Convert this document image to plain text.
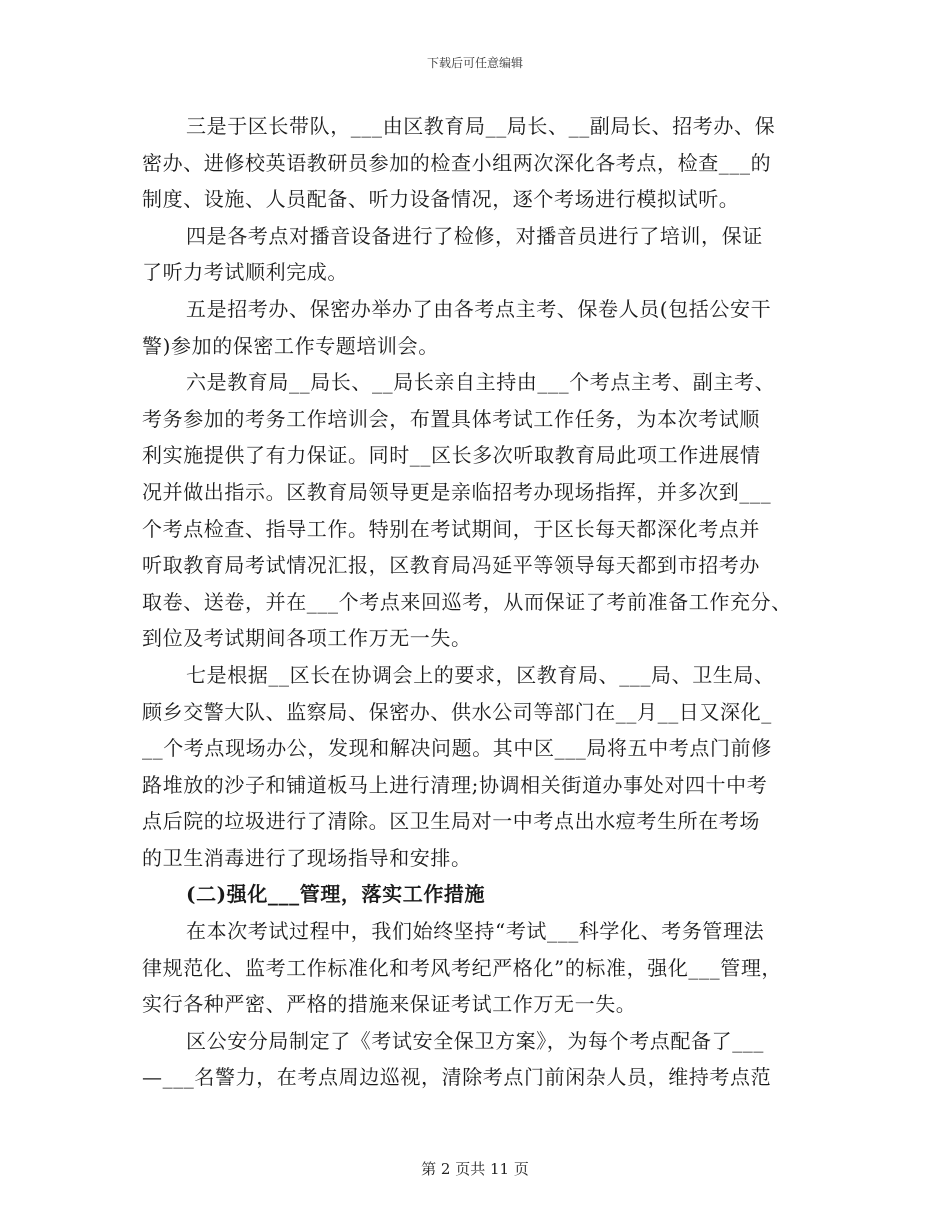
下载后可任意编辑
三是于区长带队，___由区教育局__局长、__副局长、招考办、保
密办、进修校英语教研员参加的检查小组两次深化各考点，检查___的
制度、设施、人员配备、听力设备情况，逐个考场进行模拟试听。
四是各考点对播音设备进行了检修，对播音员进行了培训，保证
了听力考试顺利完成。
五是招考办、保密办举办了由各考点主考、保卷人员(包括公安干
警)参加的保密工作专题培训会。
六是教育局__局长、__局长亲自主持由___个考点主考、副主考、
考务参加的考务工作培训会，布置具体考试工作任务，为本次考试顺
利实施提供了有力保证。同时__区长多次听取教育局此项工作进展情
况并做出指示。区教育局领导更是亲临招考办现场指挥，并多次到___
个考点检查、指导工作。特别在考试期间，于区长每天都深化考点并
听取教育局考试情况汇报，区教育局冯延平等领导每天都到市招考办
取卷、送卷，并在___个考点来回巡考，从而保证了考前准备工作充分、
到位及考试期间各项工作万无一失。
七是根据__区长在协调会上的要求，区教育局、___局、卫生局、
顾乡交警大队、监察局、保密办、供水公司等部门在__月__日又深化_
__个考点现场办公，发现和解决问题。其中区___局将五中考点门前修
路堆放的沙子和铺道板马上进行清理;协调相关街道办事处对四十中考
点后院的垃圾进行了清除。区卫生局对一中考点出水痘考生所在考场
的卫生消毒进行了现场指导和安排。
(二)强化___管理，落实工作措施
在本次考试过程中，我们始终坚持“考试___科学化、考务管理法
律规范化、监考工作标准化和考风考纪严格化”的标准，强化___管理，
实行各种严密、严格的措施来保证考试工作万无一失。
区公安分局制定了《考试安全保卫方案》，为每个考点配备了___
—___名警力，在考点周边巡视，清除考点门前闲杂人员，维持考点范
第 2 页共 11 页
